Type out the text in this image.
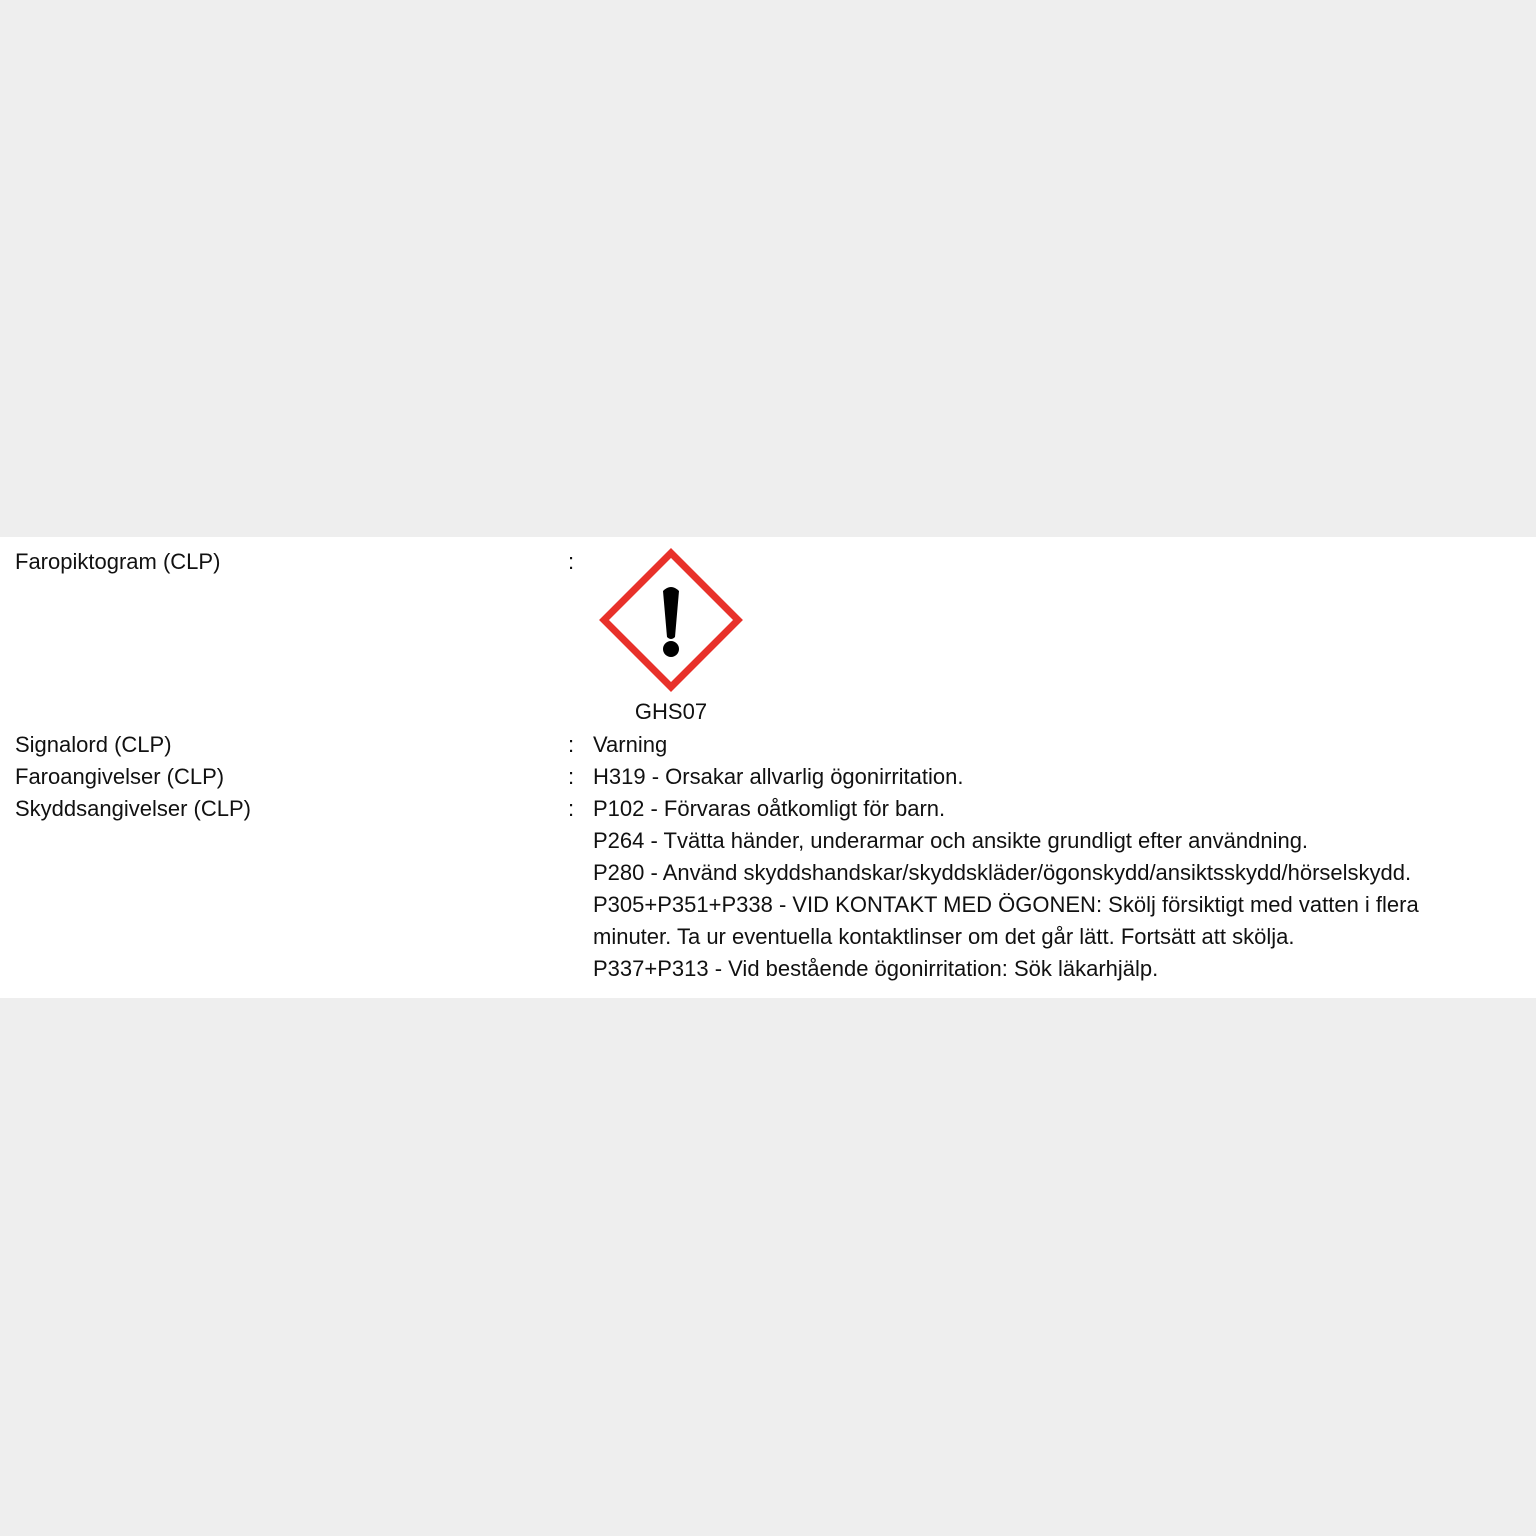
Faropiktogram (CLP)	:
GHS07
Signalord (CLP)	: Varning
Faroangivelser (CLP)	: H319 - Orsakar allvarlig ögonirritation.
Skyddsangivelser (CLP)	: P102 - Förvaras oåtkomligt för barn.
P264 - Tvätta händer, underarmar och ansikte grundligt efter användning.
P280 - Använd skyddshandskar/skyddskläder/ögonskydd/ansiktsskydd/hörselskydd.
P305+P351+P338 - VID KONTAKT MED ÖGONEN: Skölj försiktigt med vatten i flera minuter. Ta ur eventuella kontaktlinser om det går lätt. Fortsätt att skölja.
P337+P313 - Vid bestående ögonirritation: Sök läkarhjälp.
